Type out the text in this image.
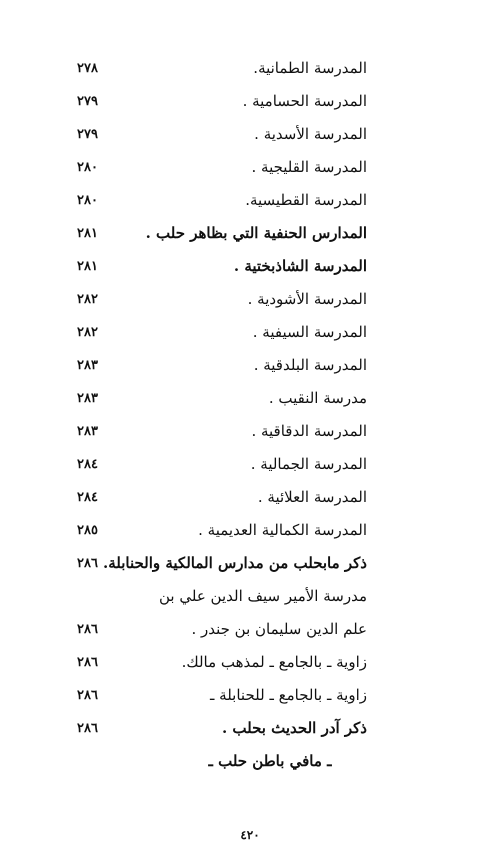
المدرسة الطمانية.
٢٧٨
المدرسة الحسامية .
٢٧٩
المدرسة الأسدية .
٢٧٩
المدرسة القليجية .
٢٨٠
المدرسة القطيسية.
٢٨٠
المدارس الحنفية التي بظاهر حلب .
٢٨١
المدرسة الشاذبختية .
٢٨١
المدرسة الأشودية .
٢٨٢
المدرسة السيفية .
٢٨٢
المدرسة البلدقية .
٢٨٣
مدرسة النقيب .
٢٨٣
المدرسة الدقاقية .
٢٨٣
المدرسة الجمالية .
٢٨٤
المدرسة العلائية .
٢٨٤
المدرسة الكمالية العديمية .
٢٨٥
ذكر مابحلب من مدارس المالكية والحنابلة.
٢٨٦
مدرسة الأمير سيف الدين علي بن
علم الدين سليمان بن جندر .
٢٨٦
زاوية ـ بالجامع ـ لمذهب مالك.
٢٨٦
زاوية ـ بالجامع ـ للحنابلة ـ
٢٨٦
ذكر آدر الحديث بحلب .
٢٨٦
ـ مافي باطن حلب ـ
٤٢٠
